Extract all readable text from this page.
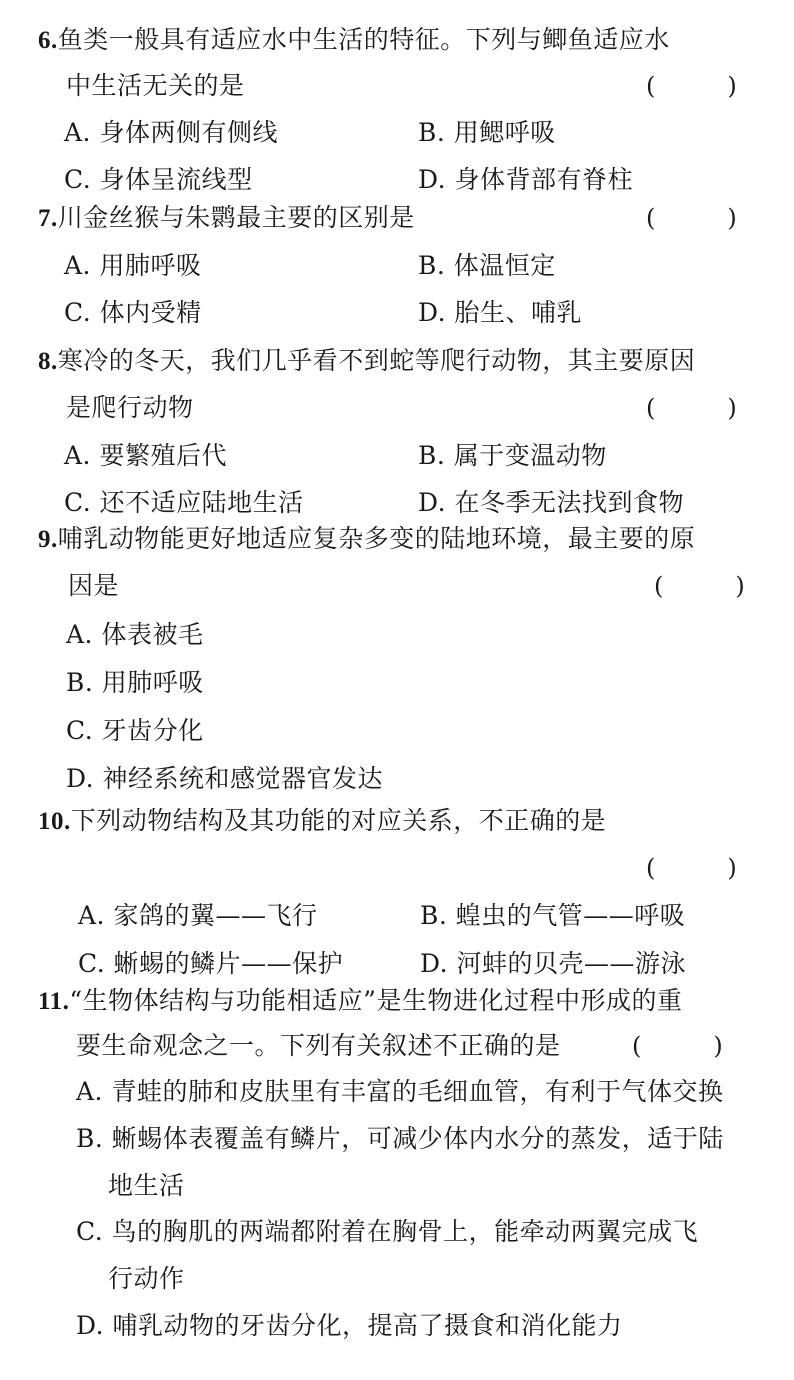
6.鱼类一般具有适应水中生活的特征。下列与鲫鱼适应水
中生活无关的是	(	)
A. 身体两侧有侧线	B. 用鳃呼吸
C. 身体呈流线型	D. 身体背部有脊柱
7.川金丝猴与朱鹮最主要的区别是	(	)
A. 用肺呼吸	B. 体温恒定
C. 体内受精	D. 胎生、哺乳
8.寒冷的冬天，我们几乎看不到蛇等爬行动物，其主要原因
是爬行动物	(	)
A. 要繁殖后代	B. 属于变温动物
C. 还不适应陆地生活	D. 在冬季无法找到食物
9.哺乳动物能更好地适应复杂多变的陆地环境，最主要的原
因是	(	)
A. 体表被毛
B. 用肺呼吸
C. 牙齿分化
D. 神经系统和感觉器官发达
10.下列动物结构及其功能的对应关系，不正确的是
(	)
A. 家鸽的翼——飞行	B. 蝗虫的气管——呼吸
C. 蜥蜴的鳞片——保护	D. 河蚌的贝壳——游泳
11.“生物体结构与功能相适应”是生物进化过程中形成的重
要生命观念之一。下列有关叙述不正确的是	(	)
A. 青蛙的肺和皮肤里有丰富的毛细血管，有利于气体交换
B. 蜥蜴体表覆盖有鳞片，可减少体内水分的蒸发，适于陆
地生活
C. 鸟的胸肌的两端都附着在胸骨上，能牵动两翼完成飞
行动作
D. 哺乳动物的牙齿分化，提高了摄食和消化能力
